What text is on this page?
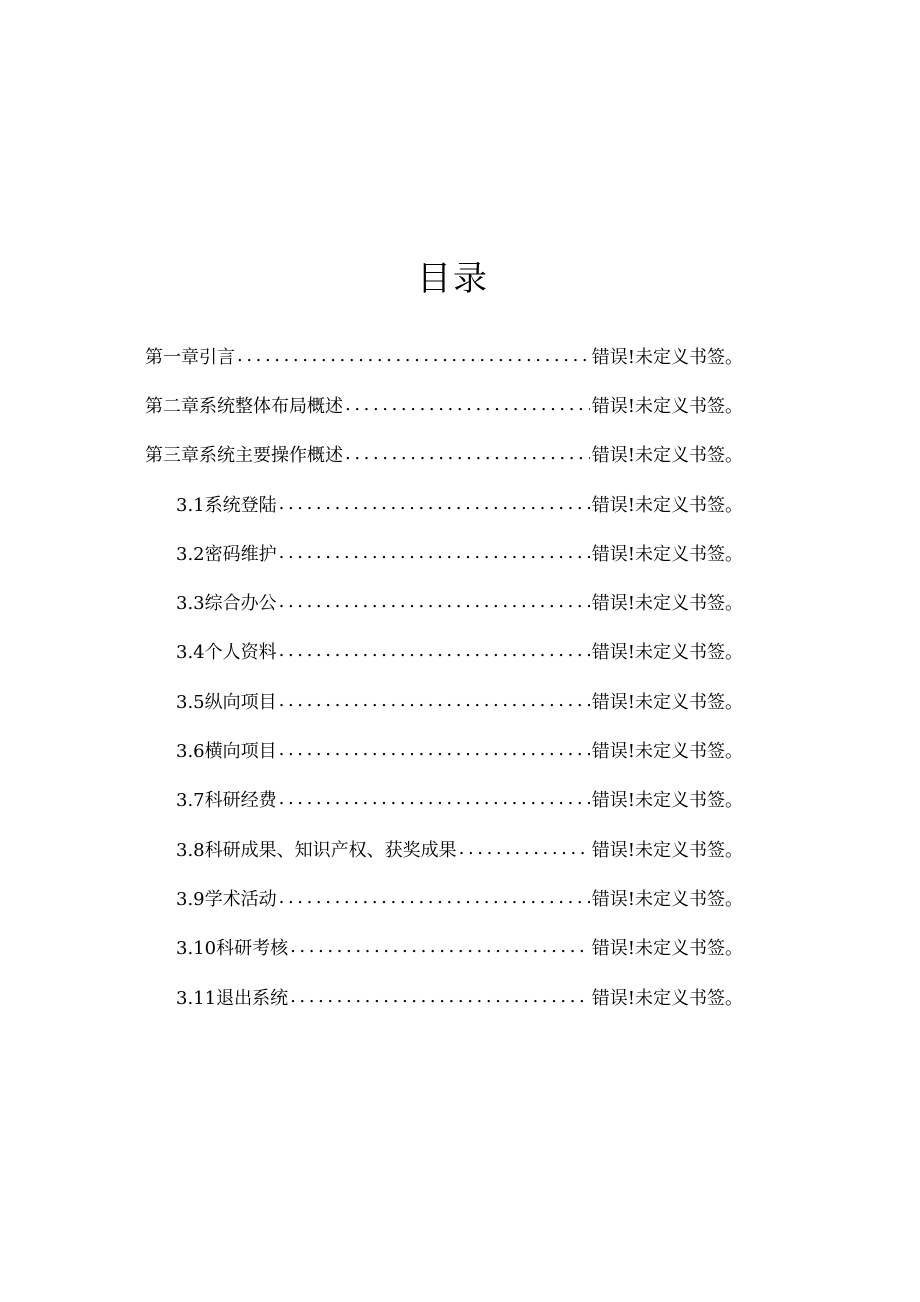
目录
第一章引言 .....	错误!未定义书签。
第二章系统整体布局概述 .....	错误!未定义书签。
第三章系统主要操作概述 .....	错误!未定义书签。
3.1系统登陆 .....	错误!未定义书签。
3.2密码维护 .....	错误!未定义书签。
3.3综合办公 .....	错误!未定义书签。
3.4个人资料 .....	错误!未定义书签。
3.5纵向项目 .....	错误!未定义书签。
3.6横向项目 .....	错误!未定义书签。
3.7科研经费 .....	错误!未定义书签。
3.8科研成果、知识产权、获奖成果 .....	错误!未定义书签。
3.9学术活动 .....	错误!未定义书签。
3.10科研考核 .....	错误!未定义书签。
3.11退出系统 .....	错误!未定义书签。
